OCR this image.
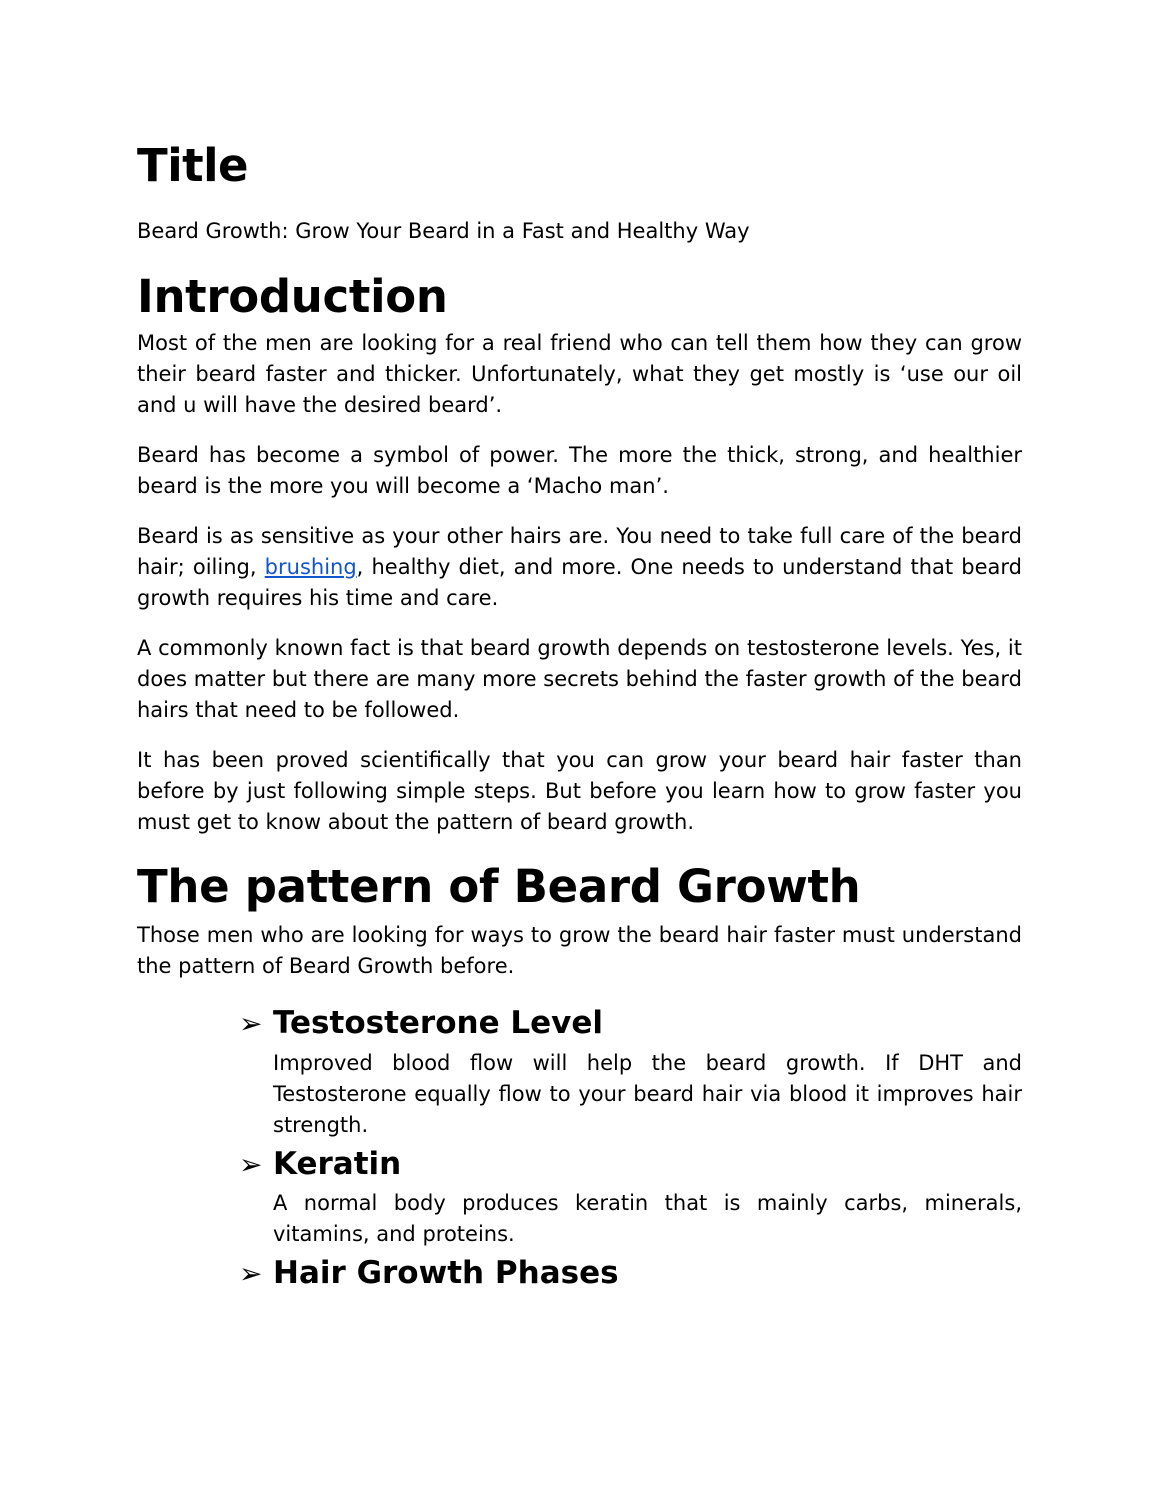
Title

Beard Growth: Grow Your Beard in a Fast and Healthy Way

Introduction

Most of the men are looking for a real friend who can tell them how they can grow their beard faster and thicker. Unfortunately, what they get mostly is ‘use our oil and u will have the desired beard’.

Beard has become a symbol of power. The more the thick, strong, and healthier beard is the more you will become a ‘Macho man’.

Beard is as sensitive as your other hairs are. You need to take full care of the beard hair; oiling, brushing, healthy diet, and more. One needs to understand that beard growth requires his time and care.

A commonly known fact is that beard growth depends on testosterone levels. Yes, it does matter but there are many more secrets behind the faster growth of the beard hairs that need to be followed.

It has been proved scientifically that you can grow your beard hair faster than before by just following simple steps. But before you learn how to grow faster you must get to know about the pattern of beard growth.

The pattern of Beard Growth

Those men who are looking for ways to grow the beard hair faster must understand the pattern of Beard Growth before.

➢ Testosterone Level

Improved blood flow will help the beard growth. If DHT and Testosterone equally flow to your beard hair via blood it improves hair strength.

➢ Keratin

A normal body produces keratin that is mainly carbs, minerals, vitamins, and proteins.

➢ Hair Growth Phases
